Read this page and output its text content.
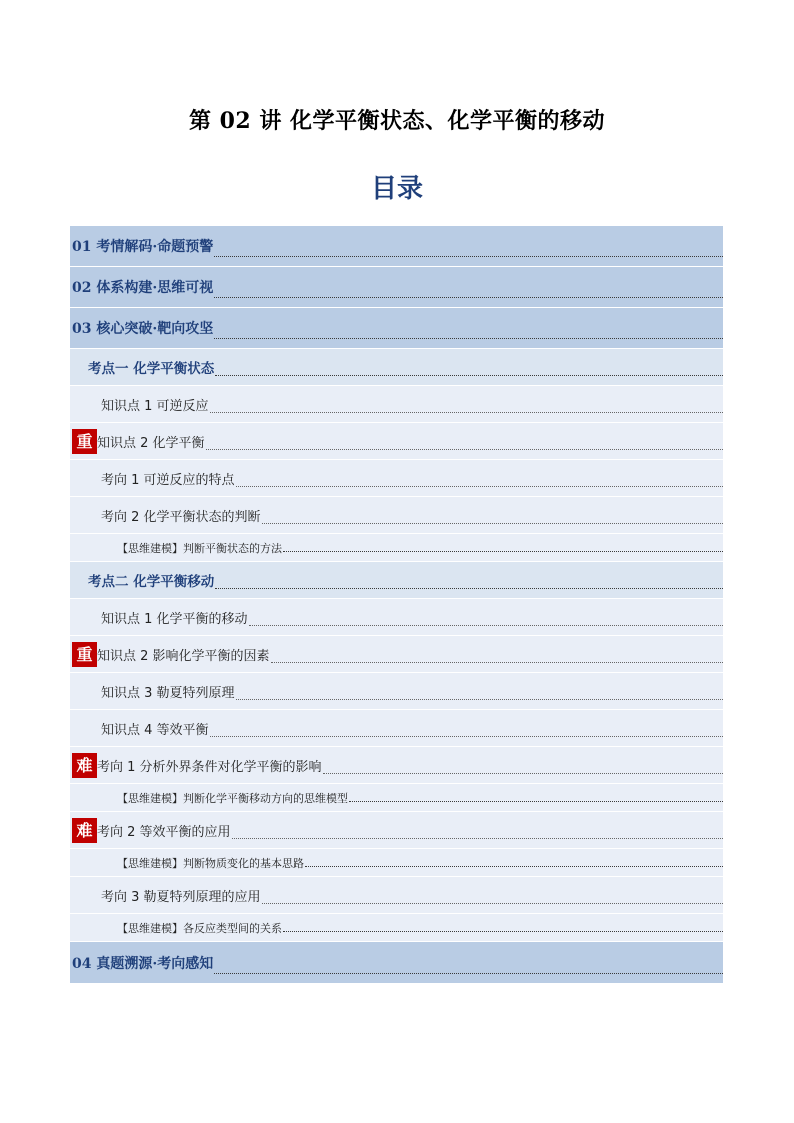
第 02 讲 化学平衡状态、化学平衡的移动
目录
01 考情解码·命题预警
02 体系构建·思维可视
03 核心突破·靶向攻坚
考点一 化学平衡状态
知识点 1 可逆反应
重 知识点 2 化学平衡
考向 1 可逆反应的特点
考向 2 化学平衡状态的判断
【思维建模】判断平衡状态的方法
考点二 化学平衡移动
知识点 1 化学平衡的移动
重 知识点 2 影响化学平衡的因素
知识点 3 勒夏特列原理
知识点 4 等效平衡
难 考向 1 分析外界条件对化学平衡的影响
【思维建模】判断化学平衡移动方向的思维模型
难 考向 2 等效平衡的应用
【思维建模】判断物质变化的基本思路
考向 3 勒夏特列原理的应用
【思维建模】各反应类型间的关系
04 真题溯源·考向感知
